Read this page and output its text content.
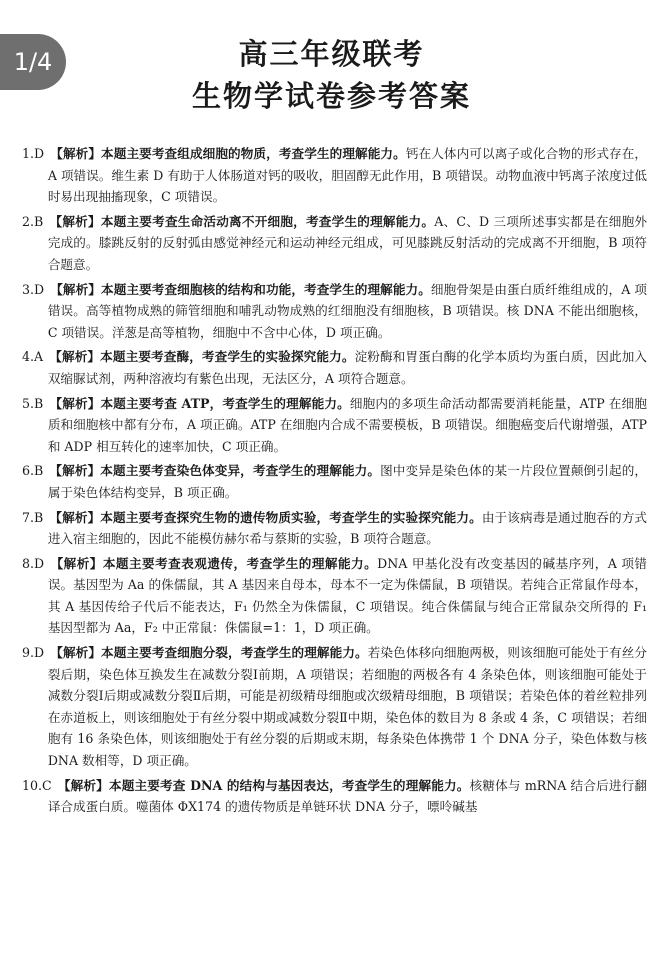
1/4	高三年级联考
生物学试卷参考答案

1.D 【解析】本题主要考查组成细胞的物质，考查学生的理解能力。钙在人体内可以离子或化合物的形式存在，A 项错误。维生素 D 有助于人体肠道对钙的吸收，胆固醇无此作用，B 项错误。动物血液中钙离子浓度过低时易出现抽搐现象，C 项错误。

2.B 【解析】本题主要考查生命活动离不开细胞，考查学生的理解能力。A、C、D 三项所述事实都是在细胞外完成的。膝跳反射的反射弧由感觉神经元和运动神经元组成，可见膝跳反射活动的完成离不开细胞，B 项符合题意。

3.D 【解析】本题主要考查细胞核的结构和功能，考查学生的理解能力。细胞骨架是由蛋白质纤维组成的，A 项错误。高等植物成熟的筛管细胞和哺乳动物成熟的红细胞没有细胞核，B 项错误。核 DNA 不能出细胞核，C 项错误。洋葱是高等植物，细胞中不含中心体，D 项正确。

4.A 【解析】本题主要考查酶，考查学生的实验探究能力。淀粉酶和胃蛋白酶的化学本质均为蛋白质，因此加入双缩脲试剂，两种溶液均有紫色出现，无法区分，A 项符合题意。

5.B 【解析】本题主要考查 ATP，考查学生的理解能力。细胞内的多项生命活动都需要消耗能量，ATP 在细胞质和细胞核中都有分布，A 项正确。ATP 在细胞内合成不需要模板，B 项错误。细胞癌变后代谢增强，ATP 和 ADP 相互转化的速率加快，C 项正确。

6.B 【解析】本题主要考查染色体变异，考查学生的理解能力。图中变异是染色体的某一片段位置颠倒引起的，属于染色体结构变异，B 项正确。

7.B 【解析】本题主要考查探究生物的遗传物质实验，考查学生的实验探究能力。由于该病毒是通过胞吞的方式进入宿主细胞的，因此不能模仿赫尔希与蔡斯的实验，B 项符合题意。

8.D 【解析】本题主要考查表观遗传，考查学生的理解能力。DNA 甲基化没有改变基因的碱基序列，A 项错误。基因型为 Aa 的侏儒鼠，其 A 基因来自母本，母本不一定为侏儒鼠，B 项错误。若纯合正常鼠作母本，其 A 基因传给子代后不能表达，F₁ 仍然全为侏儒鼠，C 项错误。纯合侏儒鼠与纯合正常鼠杂交所得的 F₁ 基因型都为 Aa，F₂ 中正常鼠：侏儒鼠=1：1，D 项正确。

9.D 【解析】本题主要考查细胞分裂，考查学生的理解能力。若染色体移向细胞两极，则该细胞可能处于有丝分裂后期，染色体互换发生在减数分裂Ⅰ前期，A 项错误；若细胞的两极各有 4 条染色体，则该细胞可能处于减数分裂Ⅰ后期或减数分裂Ⅱ后期，可能是初级精母细胞或次级精母细胞，B 项错误；若染色体的着丝粒排列在赤道板上，则该细胞处于有丝分裂中期或减数分裂Ⅱ中期，染色体的数目为 8 条或 4 条，C 项错误；若细胞有 16 条染色体，则该细胞处于有丝分裂的后期或末期，每条染色体携带 1 个 DNA 分子，染色体数与核 DNA 数相等，D 项正确。

10.C 【解析】本题主要考查 DNA 的结构与基因表达，考查学生的理解能力。核糖体与 mRNA 结合后进行翻译合成蛋白质。噬菌体 ΦX174 的遗传物质是单链环状 DNA 分子，嘌呤碱基
